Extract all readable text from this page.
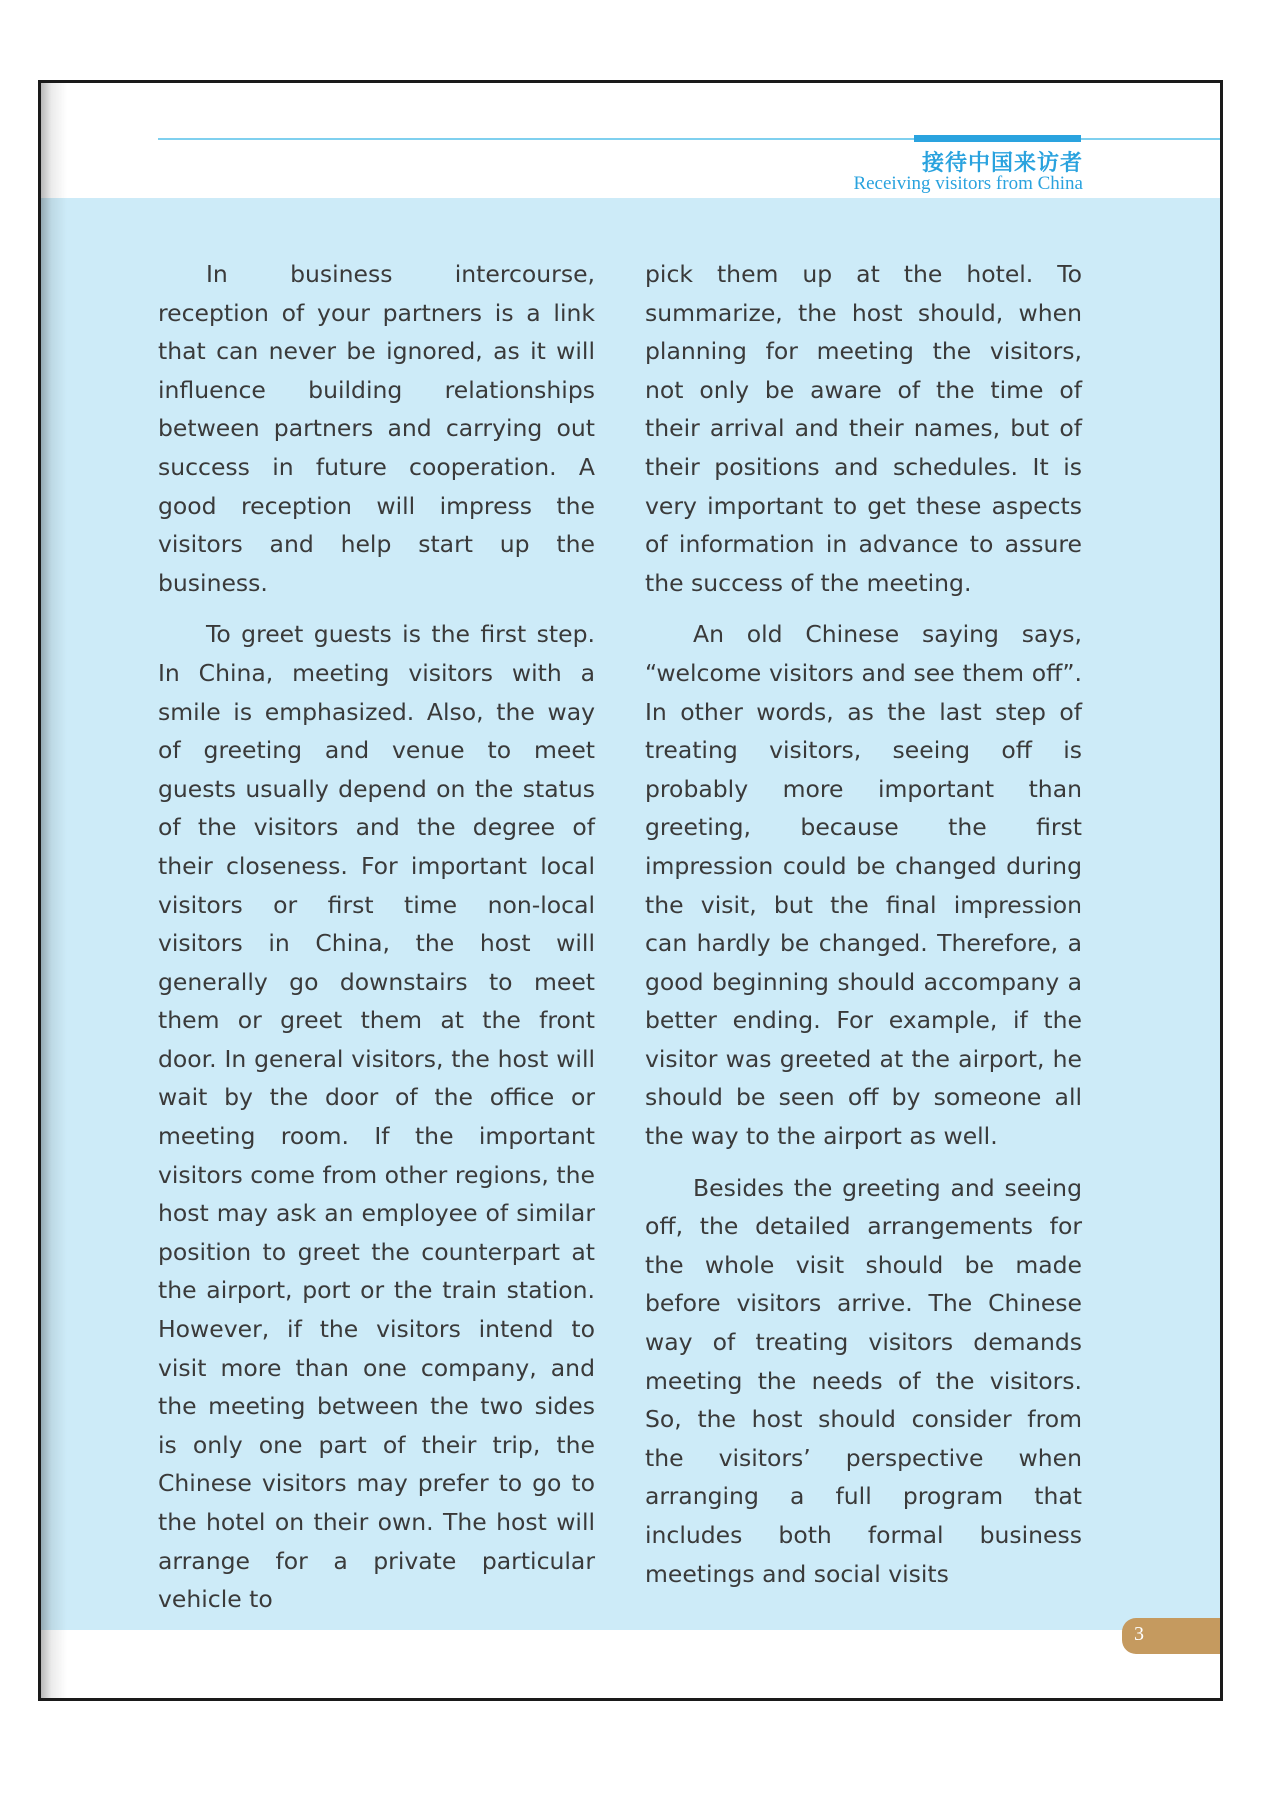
接待中国来访者
Receiving visitors from China

In business intercourse, reception of your partners is a link that can never be ignored, as it will influence building relationships between partners and carrying out success in future cooperation. A good reception will impress the visitors and help start up the business.

To greet guests is the first step. In China, meeting visitors with a smile is emphasized. Also, the way of greeting and venue to meet guests usually depend on the status of the visitors and the degree of their closeness. For important local visitors or first time non-local visitors in China, the host will generally go downstairs to meet them or greet them at the front door. In general visitors, the host will wait by the door of the office or meeting room. If the important visitors come from other regions, the host may ask an employee of similar position to greet the counterpart at the airport, port or the train station. However, if the visitors intend to visit more than one company, and the meeting between the two sides is only one part of their trip, the Chinese visitors may prefer to go to the hotel on their own. The host will arrange for a private particular vehicle to

pick them up at the hotel. To summarize, the host should, when planning for meeting the visitors, not only be aware of the time of their arrival and their names, but of their positions and schedules. It is very important to get these aspects of information in advance to assure the success of the meeting.

An old Chinese saying says, “welcome visitors and see them off”. In other words, as the last step of treating visitors, seeing off is probably more important than greeting, because the first impression could be changed during the visit, but the final impression can hardly be changed. Therefore, a good beginning should accompany a better ending. For example, if the visitor was greeted at the airport, he should be seen off by someone all the way to the airport as well.

Besides the greeting and seeing off, the detailed arrangements for the whole visit should be made before visitors arrive. The Chinese way of treating visitors demands meeting the needs of the visitors. So, the host should consider from the visitors’ perspective when arranging a full program that includes both formal business meetings and social visits

3
